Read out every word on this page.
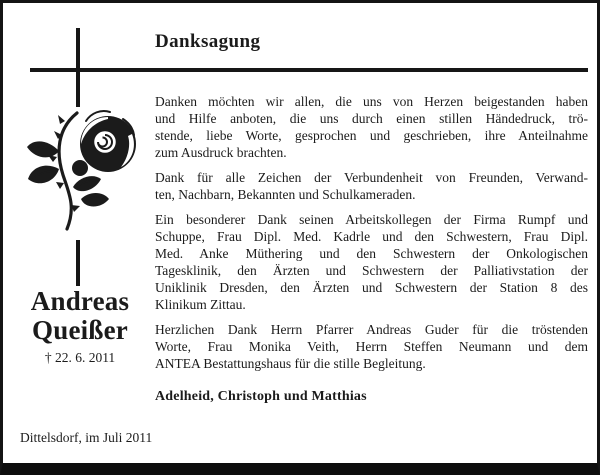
Danksagung
Andreas
Queißer
† 22. 6. 2011

Danken möchten wir allen, die uns von Herzen beigestanden haben
und Hilfe anboten, die uns durch einen stillen Händedruck, trö-
stende, liebe Worte, gesprochen und geschrieben, ihre Anteilnahme
zum Ausdruck brachten.

Dank für alle Zeichen der Verbundenheit von Freunden, Verwand-
ten, Nachbarn, Bekannten und Schulkameraden.

Ein besonderer Dank seinen Arbeitskollegen der Firma Rumpf und
Schuppe, Frau Dipl. Med. Kadrle und den Schwestern, Frau Dipl.
Med. Anke Müthering und den Schwestern der Onkologischen
Tagesklinik, den Ärzten und Schwestern der Palliativstation der
Uniklinik Dresden, den Ärzten und Schwestern der Station 8 des
Klinikum Zittau.

Herzlichen Dank Herrn Pfarrer Andreas Guder für die tröstenden
Worte, Frau Monika Veith, Herrn Steffen Neumann und dem
ANTEA Bestattungshaus für die stille Begleitung.

Adelheid, Christoph und Matthias
Dittelsdorf, im Juli 2011
